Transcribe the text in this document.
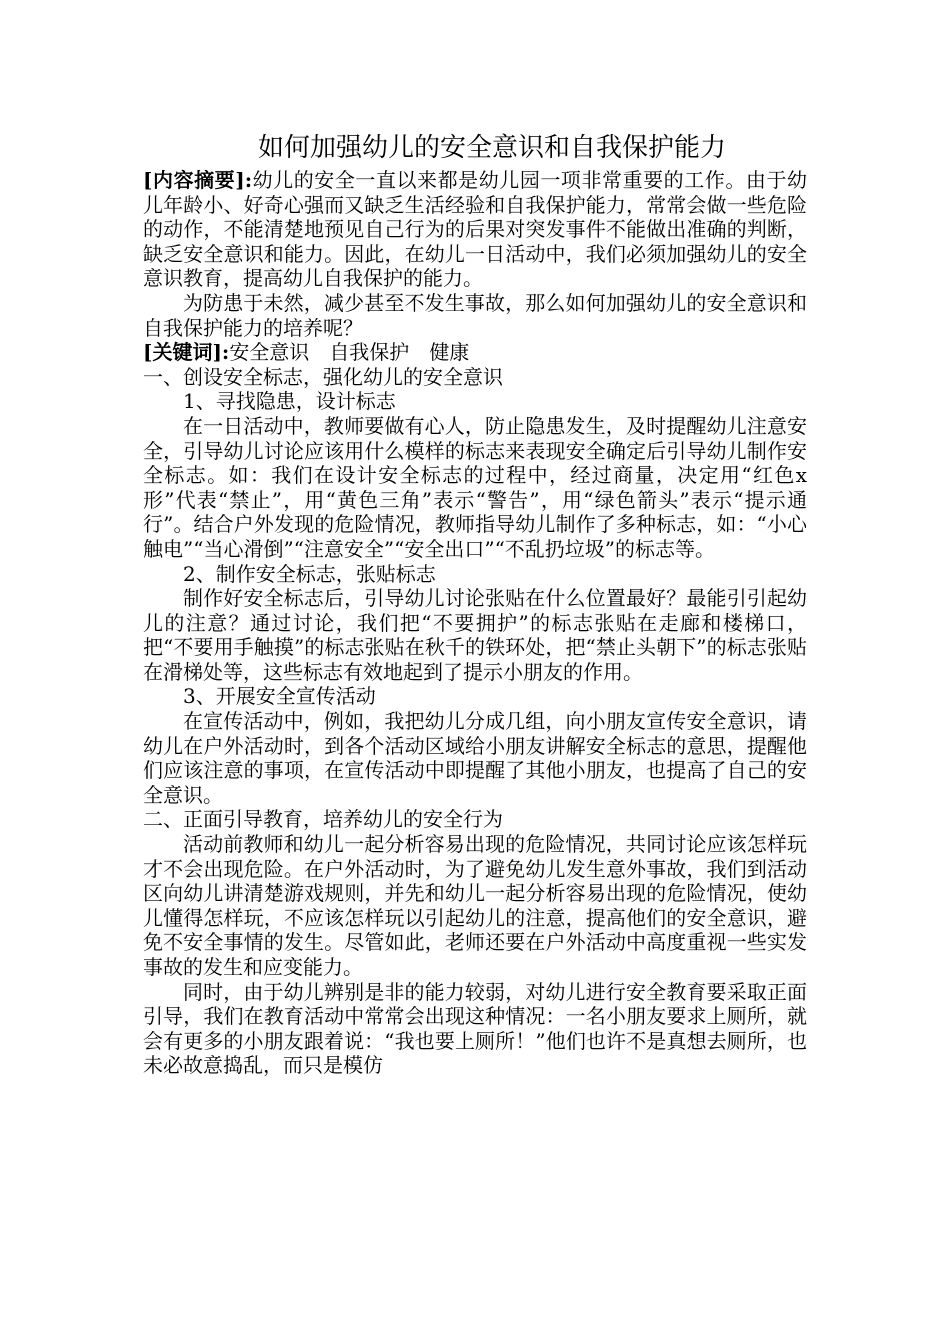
如何加强幼儿的安全意识和自我保护能力

[内容摘要]:幼儿的安全一直以来都是幼儿园一项非常重要的工作。由于幼儿年龄小、好奇心强而又缺乏生活经验和自我保护能力，常常会做一些危险的动作，不能清楚地预见自己行为的后果对突发事件不能做出准确的判断，缺乏安全意识和能力。因此，在幼儿一日活动中，我们必须加强幼儿的安全意识教育，提高幼儿自我保护的能力。

为防患于未然，减少甚至不发生事故，那么如何加强幼儿的安全意识和自我保护能力的培养呢？

[关键词]:安全意识 自我保护 健康

一、创设安全标志，强化幼儿的安全意识

1、寻找隐患，设计标志

在一日活动中，教师要做有心人，防止隐患发生，及时提醒幼儿注意安全，引导幼儿讨论应该用什么模样的标志来表现安全确定后引导幼儿制作安全标志。如：我们在设计安全标志的过程中，经过商量，决定用“红色x形”代表“禁止”，用“黄色三角”表示“警告”，用“绿色箭头”表示“提示通行”。结合户外发现的危险情况，教师指导幼儿制作了多种标志，如：“小心触电”“当心滑倒”“注意安全”“安全出口”“不乱扔垃圾”的标志等。

2、制作安全标志，张贴标志

制作好安全标志后，引导幼儿讨论张贴在什么位置最好？最能引引起幼儿的注意？通过讨论，我们把“不要拥护”的标志张贴在走廊和楼梯口，把“不要用手触摸”的标志张贴在秋千的铁环处，把“禁止头朝下”的标志张贴在滑梯处等，这些标志有效地起到了提示小朋友的作用。

3、开展安全宣传活动

在宣传活动中，例如，我把幼儿分成几组，向小朋友宣传安全意识，请幼儿在户外活动时，到各个活动区域给小朋友讲解安全标志的意思，提醒他们应该注意的事项，在宣传活动中即提醒了其他小朋友，也提高了自己的安全意识。

二、正面引导教育，培养幼儿的安全行为

活动前教师和幼儿一起分析容易出现的危险情况，共同讨论应该怎样玩才不会出现危险。在户外活动时，为了避免幼儿发生意外事故，我们到活动区向幼儿讲清楚游戏规则，并先和幼儿一起分析容易出现的危险情况，使幼儿懂得怎样玩，不应该怎样玩以引起幼儿的注意，提高他们的安全意识，避免不安全事情的发生。尽管如此，老师还要在户外活动中高度重视一些实发事故的发生和应变能力。

同时，由于幼儿辨别是非的能力较弱，对幼儿进行安全教育要采取正面引导，我们在教育活动中常常会出现这种情况：一名小朋友要求上厕所，就会有更多的小朋友跟着说：“我也要上厕所！”他们也许不是真想去厕所，也未必故意捣乱，而只是模仿
